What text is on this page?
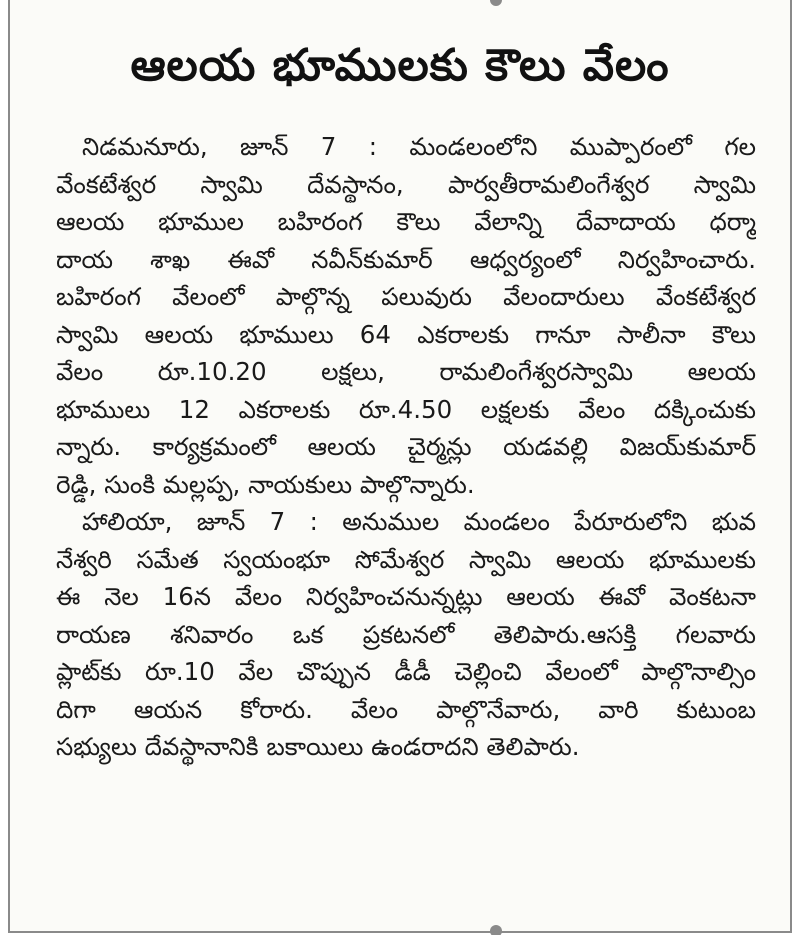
ఆలయ భూములకు కౌలు వేలం
నిడమనూరు, జూన్ 7 : మండలంలోని ముప్పారంలో గల
వేంకటేశ్వర స్వామి దేవస్థానం, పార్వతీరామలింగేశ్వర స్వామి
ఆలయ భూముల బహిరంగ కౌలు వేలాన్ని దేవాదాయ ధర్మా
దాయ శాఖ ఈవో నవీన్‌కుమార్ ఆధ్వర్యంలో నిర్వహించారు.
బహిరంగ వేలంలో పాల్గొన్న పలువురు వేలందారులు వేంకటేశ్వర
స్వామి ఆలయ భూములు 64 ఎకరాలకు గానూ సాలీనా కౌలు
వేలం రూ.10.20 లక్షలు, రామలింగేశ్వరస్వామి ఆలయ
భూములు 12 ఎకరాలకు రూ.4.50 లక్షలకు వేలం దక్కించుకు
న్నారు. కార్యక్రమంలో ఆలయ చైర్మన్లు యడవల్లి విజయ్‌కుమార్
రెడ్డి, సుంకి మల్లప్ప, నాయకులు పాల్గొన్నారు.
హాలియా, జూన్ 7 : అనుముల మండలం పేరూరులోని భువ
నేశ్వరి సమేత స్వయంభూ సోమేశ్వర స్వామి ఆలయ భూములకు
ఈ నెల 16న వేలం నిర్వహించనున్నట్లు ఆలయ ఈవో వెంకటనా
రాయణ శనివారం ఒక ప్రకటనలో తెలిపారు.ఆసక్తి గలవారు
ప్లాట్‌కు రూ.10 వేల చొప్పున డీడీ చెల్లించి వేలంలో పాల్గొనాల్సిం
దిగా ఆయన కోరారు. వేలం పాల్గొనేవారు, వారి కుటుంబ
సభ్యులు దేవస్థానానికి బకాయిలు ఉండరాదని తెలిపారు.
